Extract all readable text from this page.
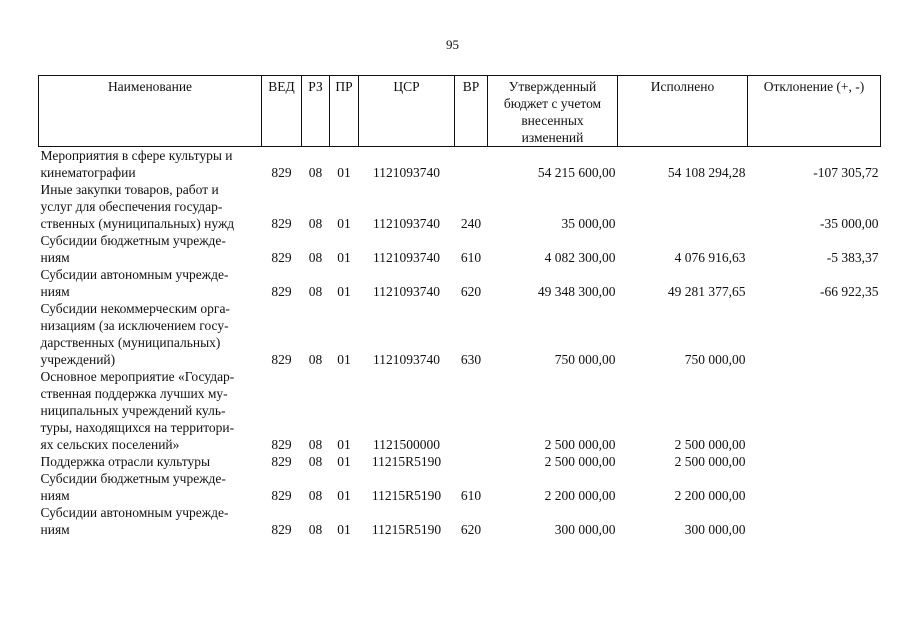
95
Наименование	ВЕД	РЗ	ПР	ЦСР	ВР	Утвержденный бюджет с учетом внесенных изменений	Исполнено	Отклонение (+, -)
Мероприятия в сфере культуры и
кинематографии	829	08	01	1121093740		54 215 600,00	54 108 294,28	-107 305,72
Иные закупки товаров, работ и
услуг для обеспечения государ-
ственных (муниципальных) нужд	829	08	01	1121093740	240	35 000,00		-35 000,00
Субсидии бюджетным учрежде-
ниям	829	08	01	1121093740	610	4 082 300,00	4 076 916,63	-5 383,37
Субсидии автономным учрежде-
ниям	829	08	01	1121093740	620	49 348 300,00	49 281 377,65	-66 922,35
Субсидии некоммерческим орга-
низациям (за исключением госу-
дарственных (муниципальных)
учреждений)	829	08	01	1121093740	630	750 000,00	750 000,00	
Основное мероприятие «Государ-
ственная поддержка лучших му-
ниципальных учреждений куль-
туры, находящихся на территори-
ях сельских поселений»	829	08	01	1121500000		2 500 000,00	2 500 000,00	
Поддержка отрасли культуры	829	08	01	11215R5190		2 500 000,00	2 500 000,00	
Субсидии бюджетным учрежде-
ниям	829	08	01	11215R5190	610	2 200 000,00	2 200 000,00	
Субсидии автономным учрежде-
ниям	829	08	01	11215R5190	620	300 000,00	300 000,00	
